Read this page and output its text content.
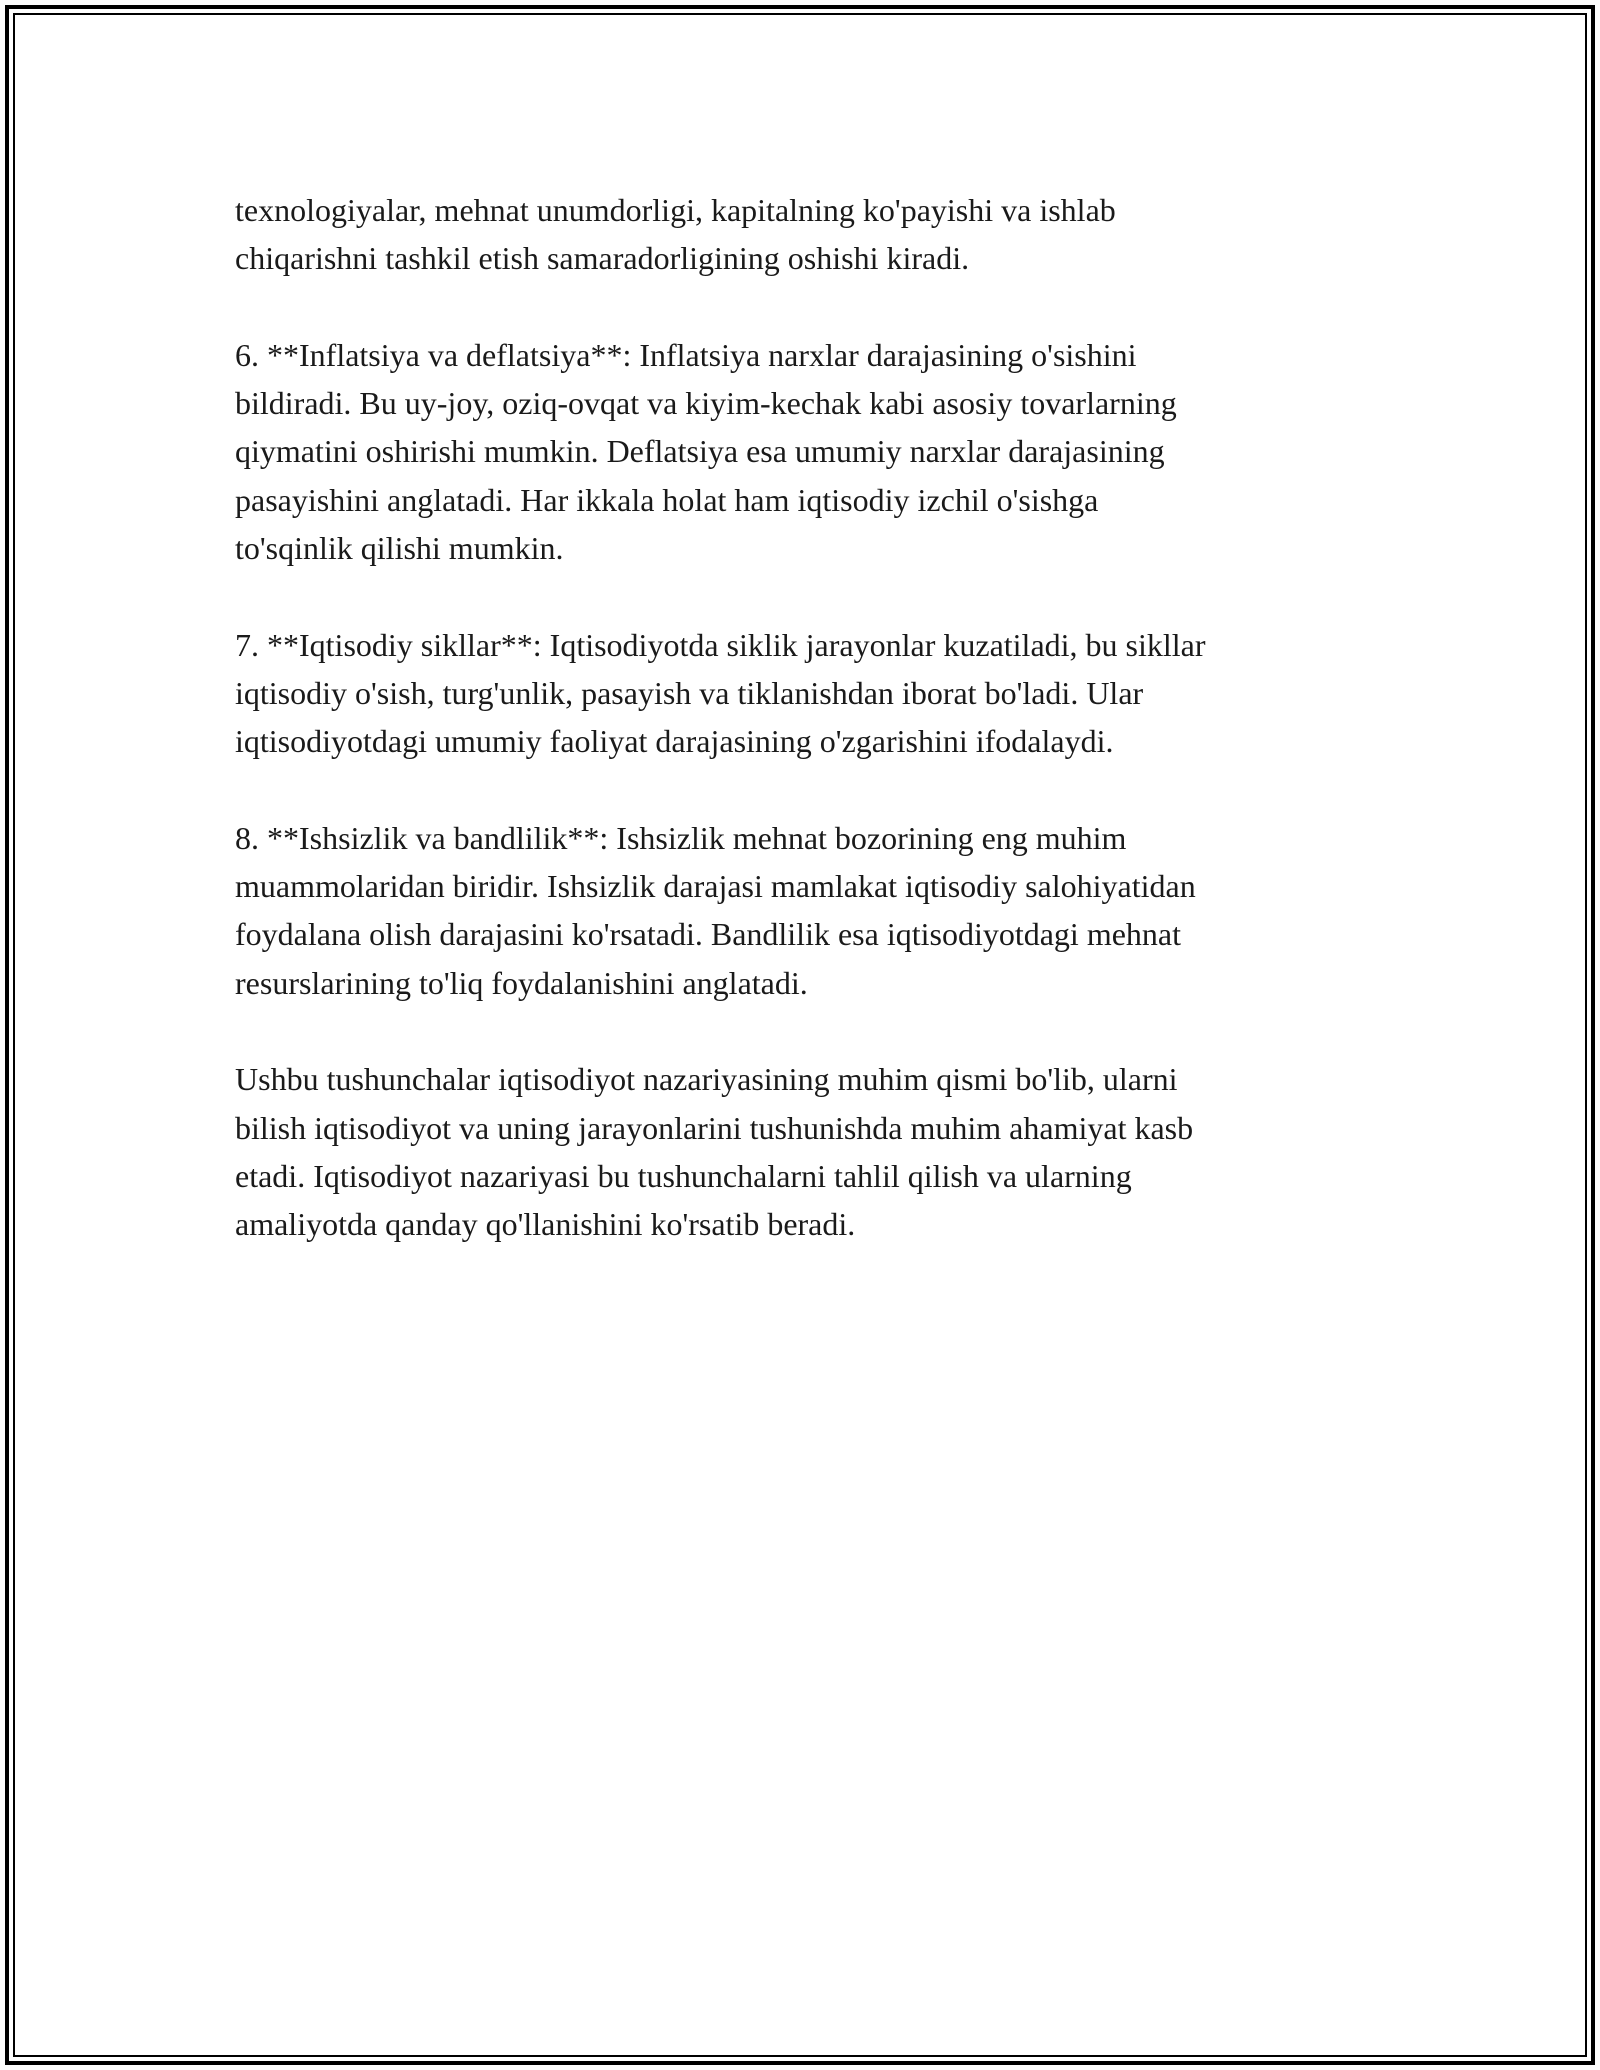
texnologiyalar, mehnat unumdorligi, kapitalning ko'payishi va ishlab
chiqarishni tashkil etish samaradorligining oshishi kiradi.

6. **Inflatsiya va deflatsiya**: Inflatsiya narxlar darajasining o'sishini
bildiradi. Bu uy-joy, oziq-ovqat va kiyim-kechak kabi asosiy tovarlarning
qiymatini oshirishi mumkin. Deflatsiya esa umumiy narxlar darajasining
pasayishini anglatadi. Har ikkala holat ham iqtisodiy izchil o'sishga
to'sqinlik qilishi mumkin.

7. **Iqtisodiy sikllar**: Iqtisodiyotda siklik jarayonlar kuzatiladi, bu sikllar
iqtisodiy o'sish, turg'unlik, pasayish va tiklanishdan iborat bo'ladi. Ular
iqtisodiyotdagi umumiy faoliyat darajasining o'zgarishini ifodalaydi.

8. **Ishsizlik va bandlilik**: Ishsizlik mehnat bozorining eng muhim
muammolaridan biridir. Ishsizlik darajasi mamlakat iqtisodiy salohiyatidan
foydalana olish darajasini ko'rsatadi. Bandlilik esa iqtisodiyotdagi mehnat
resurslarining to'liq foydalanishini anglatadi.

Ushbu tushunchalar iqtisodiyot nazariyasining muhim qismi bo'lib, ularni
bilish iqtisodiyot va uning jarayonlarini tushunishda muhim ahamiyat kasb
etadi. Iqtisodiyot nazariyasi bu tushunchalarni tahlil qilish va ularning
amaliyotda qanday qo'llanishini ko'rsatib beradi.
